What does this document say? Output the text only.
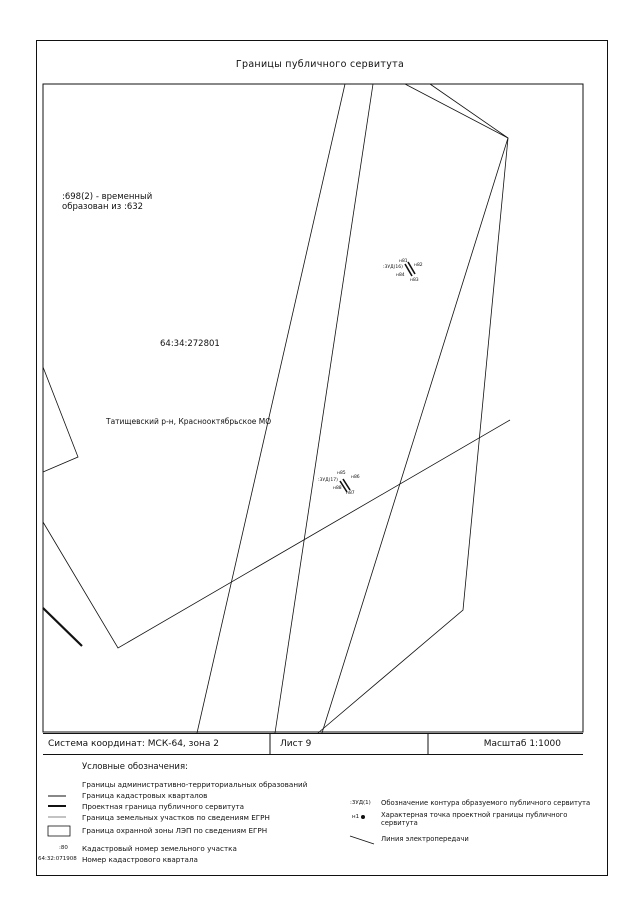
Границы публичного сервитута
:698(2) - временный
образован из :632
64:34:272801
Татищевский р-н, Краснооктябрьское МО
:3УД(16)
н81
н82
н83
н84
:3УД(17)
н85
н86
н87
н88
Система координат: МСК-64, зона 2	Лист 9	Масштаб 1:1000
Условные обозначения:
Границы административно-территориальных образований
Граница кадастровых кварталов
Проектная граница публичного сервитута
Граница земельных участков по сведениям ЕГРН
Граница охранной зоны ЛЭП по сведениям ЕГРН
:80 Кадастровый номер земельного участка
64:32:071908 Номер кадастрового квартала
:3УД(1) Обозначение контура образуемого публичного сервитута
н1	Характерная точка проектной границы публичного сервитута
Линия электропередачи
